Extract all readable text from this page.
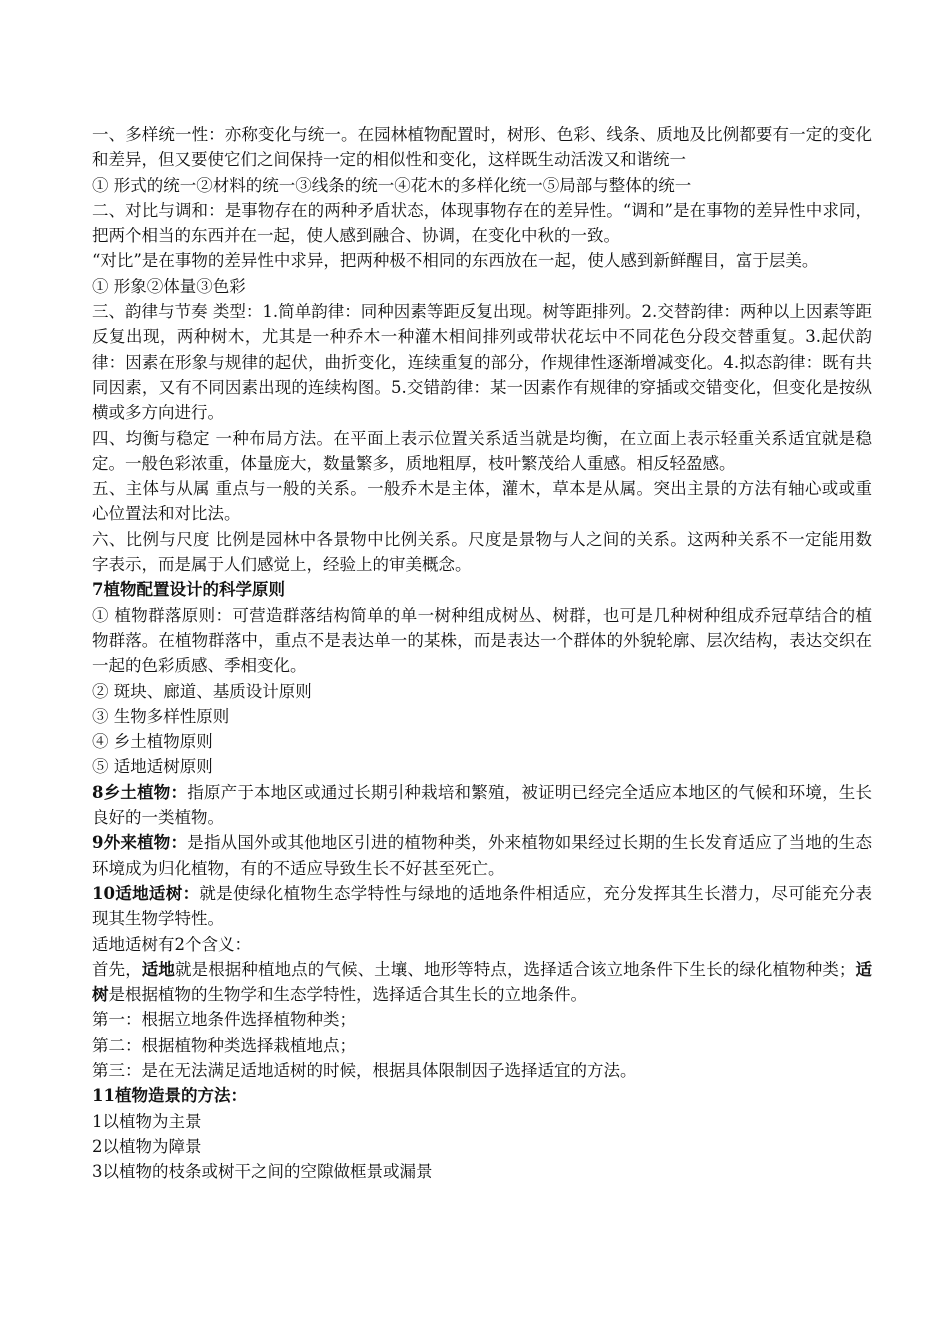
一、多样统一性：亦称变化与统一。在园林植物配置时，树形、色彩、线条、质地及比例都要有一定的变化和差异，但又要使它们之间保持一定的相似性和变化，这样既生动活泼又和谐统一

① 形式的统一②材料的统一③线条的统一④花木的多样化统一⑤局部与整体的统一

二、对比与调和：是事物存在的两种矛盾状态，体现事物存在的差异性。“调和”是在事物的差异性中求同，把两个相当的东西并在一起，使人感到融合、协调，在变化中秋的一致。

“对比”是在事物的差异性中求异，把两种极不相同的东西放在一起，使人感到新鲜醒目，富于层美。

① 形象②体量③色彩

三、韵律与节奏 类型：1.简单韵律：同种因素等距反复出现。树等距排列。2.交替韵律：两种以上因素等距反复出现，两种树木，尤其是一种乔木一种灌木相间排列或带状花坛中不同花色分段交替重复。3.起伏韵律：因素在形象与规律的起伏，曲折变化，连续重复的部分，作规律性逐渐增减变化。4.拟态韵律：既有共同因素，又有不同因素出现的连续构图。5.交错韵律：某一因素作有规律的穿插或交错变化，但变化是按纵横或多方向进行。

四、均衡与稳定 一种布局方法。在平面上表示位置关系适当就是均衡，在立面上表示轻重关系适宜就是稳定。一般色彩浓重，体量庞大，数量繁多，质地粗厚，枝叶繁茂给人重感。相反轻盈感。

五、主体与从属 重点与一般的关系。一般乔木是主体，灌木，草本是从属。突出主景的方法有轴心或或重心位置法和对比法。

六、比例与尺度 比例是园林中各景物中比例关系。尺度是景物与人之间的关系。这两种关系不一定能用数字表示，而是属于人们感觉上，经验上的审美概念。

7植物配置设计的科学原则

① 植物群落原则：可营造群落结构简单的单一树种组成树丛、树群，也可是几种树种组成乔冠草结合的植物群落。在植物群落中，重点不是表达单一的某株，而是表达一个群体的外貌轮廓、层次结构，表达交织在一起的色彩质感、季相变化。

② 斑块、廊道、基质设计原则

③ 生物多样性原则

④ 乡土植物原则

⑤ 适地适树原则

8乡土植物：指原产于本地区或通过长期引种栽培和繁殖，被证明已经完全适应本地区的气候和环境，生长良好的一类植物。

9外来植物：是指从国外或其他地区引进的植物种类，外来植物如果经过长期的生长发育适应了当地的生态环境成为归化植物，有的不适应导致生长不好甚至死亡。

10适地适树：就是使绿化植物生态学特性与绿地的适地条件相适应，充分发挥其生长潜力，尽可能充分表现其生物学特性。

适地适树有2个含义：

首先，适地就是根据种植地点的气候、土壤、地形等特点，选择适合该立地条件下生长的绿化植物种类；适树是根据植物的生物学和生态学特性，选择适合其生长的立地条件。

第一：根据立地条件选择植物种类；

第二：根据植物种类选择栽植地点；

第三：是在无法满足适地适树的时候，根据具体限制因子选择适宜的方法。

11植物造景的方法：

1以植物为主景

2以植物为障景

3以植物的枝条或树干之间的空隙做框景或漏景
